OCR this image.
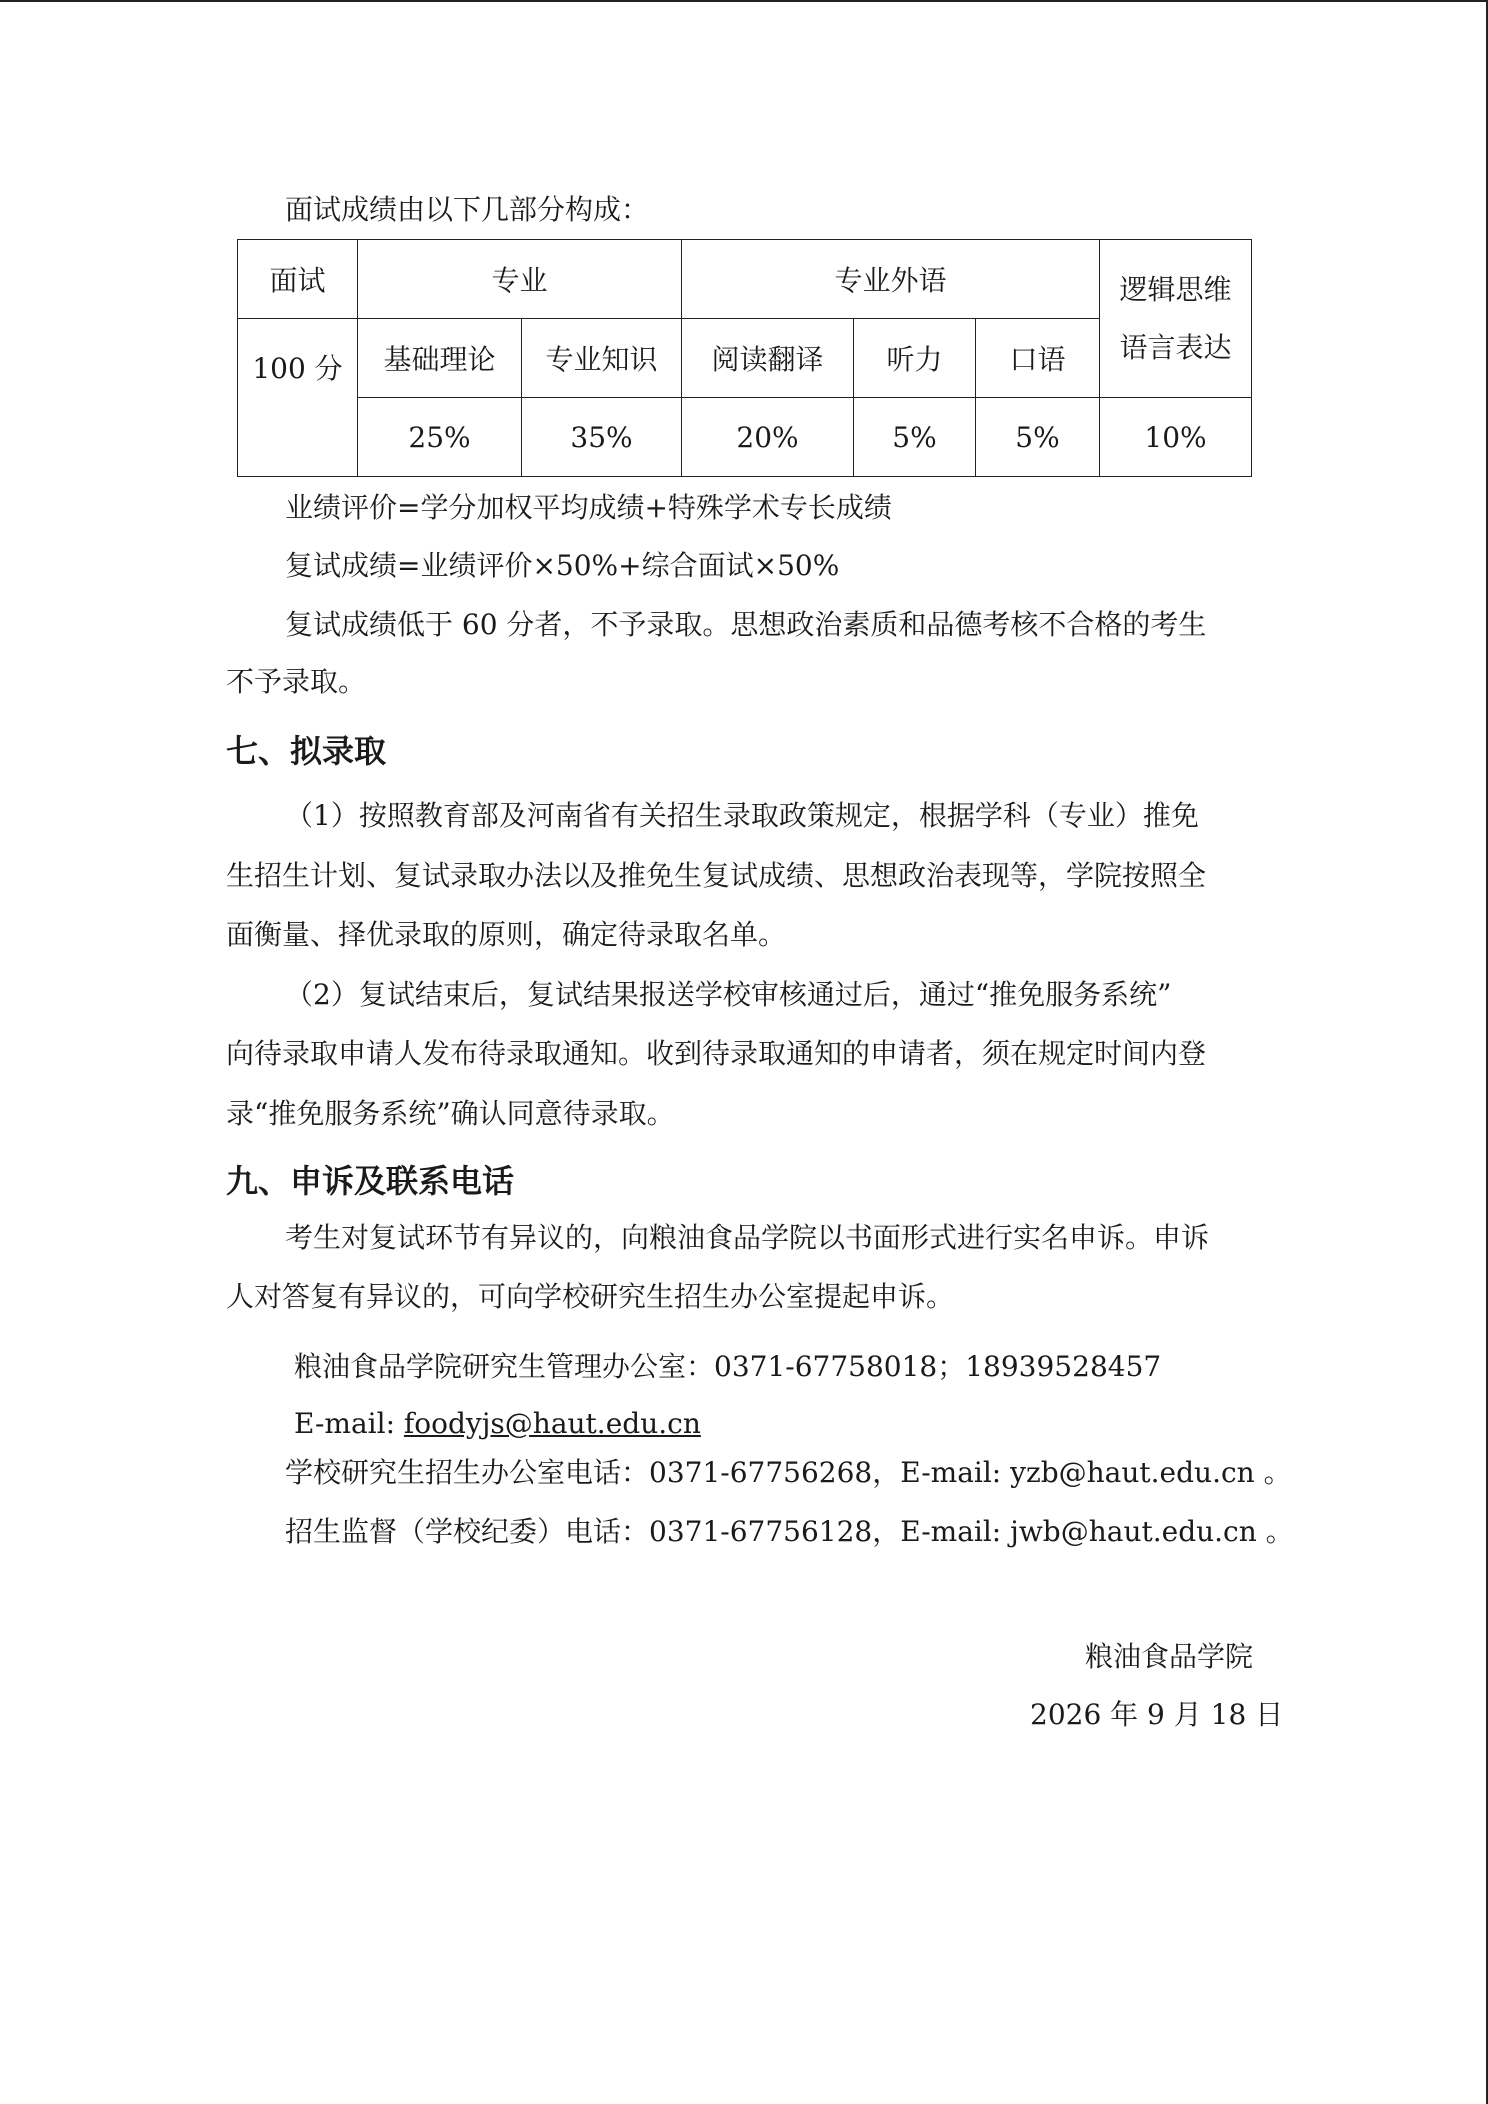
面试成绩由以下几部分构成：

面试	专业		专业外语			逻辑思维
语言表达

100 分	基础理论	专业知识	阅读翻译	听力	口语	
	25%	35%	20%	5%	5%	10%

业绩评价=学分加权平均成绩+特殊学术专长成绩

复试成绩=业绩评价×50%+综合面试×50%

复试成绩低于 60 分者，不予录取。思想政治素质和品德考核不合格的考生

不予录取。

七、拟录取

（1）按照教育部及河南省有关招生录取政策规定，根据学科（专业）推免

生招生计划、复试录取办法以及推免生复试成绩、思想政治表现等，学院按照全

面衡量、择优录取的原则，确定待录取名单。

（2）复试结束后，复试结果报送学校审核通过后，通过“推免服务系统”

向待录取申请人发布待录取通知。收到待录取通知的申请者，须在规定时间内登

录“推免服务系统”确认同意待录取。

九、申诉及联系电话

考生对复试环节有异议的，向粮油食品学院以书面形式进行实名申诉。申诉

人对答复有异议的，可向学校研究生招生办公室提起申诉。

粮油食品学院研究生管理办公室：0371-67758018；18939528457

E-mail: foodyjs@haut.edu.cn

学校研究生招生办公室电话：0371-67756268，E-mail: yzb@haut.edu.cn 。

招生监督（学校纪委）电话：0371-67756128，E-mail: jwb@haut.edu.cn 。

粮油食品学院

2026 年 9 月 18 日
